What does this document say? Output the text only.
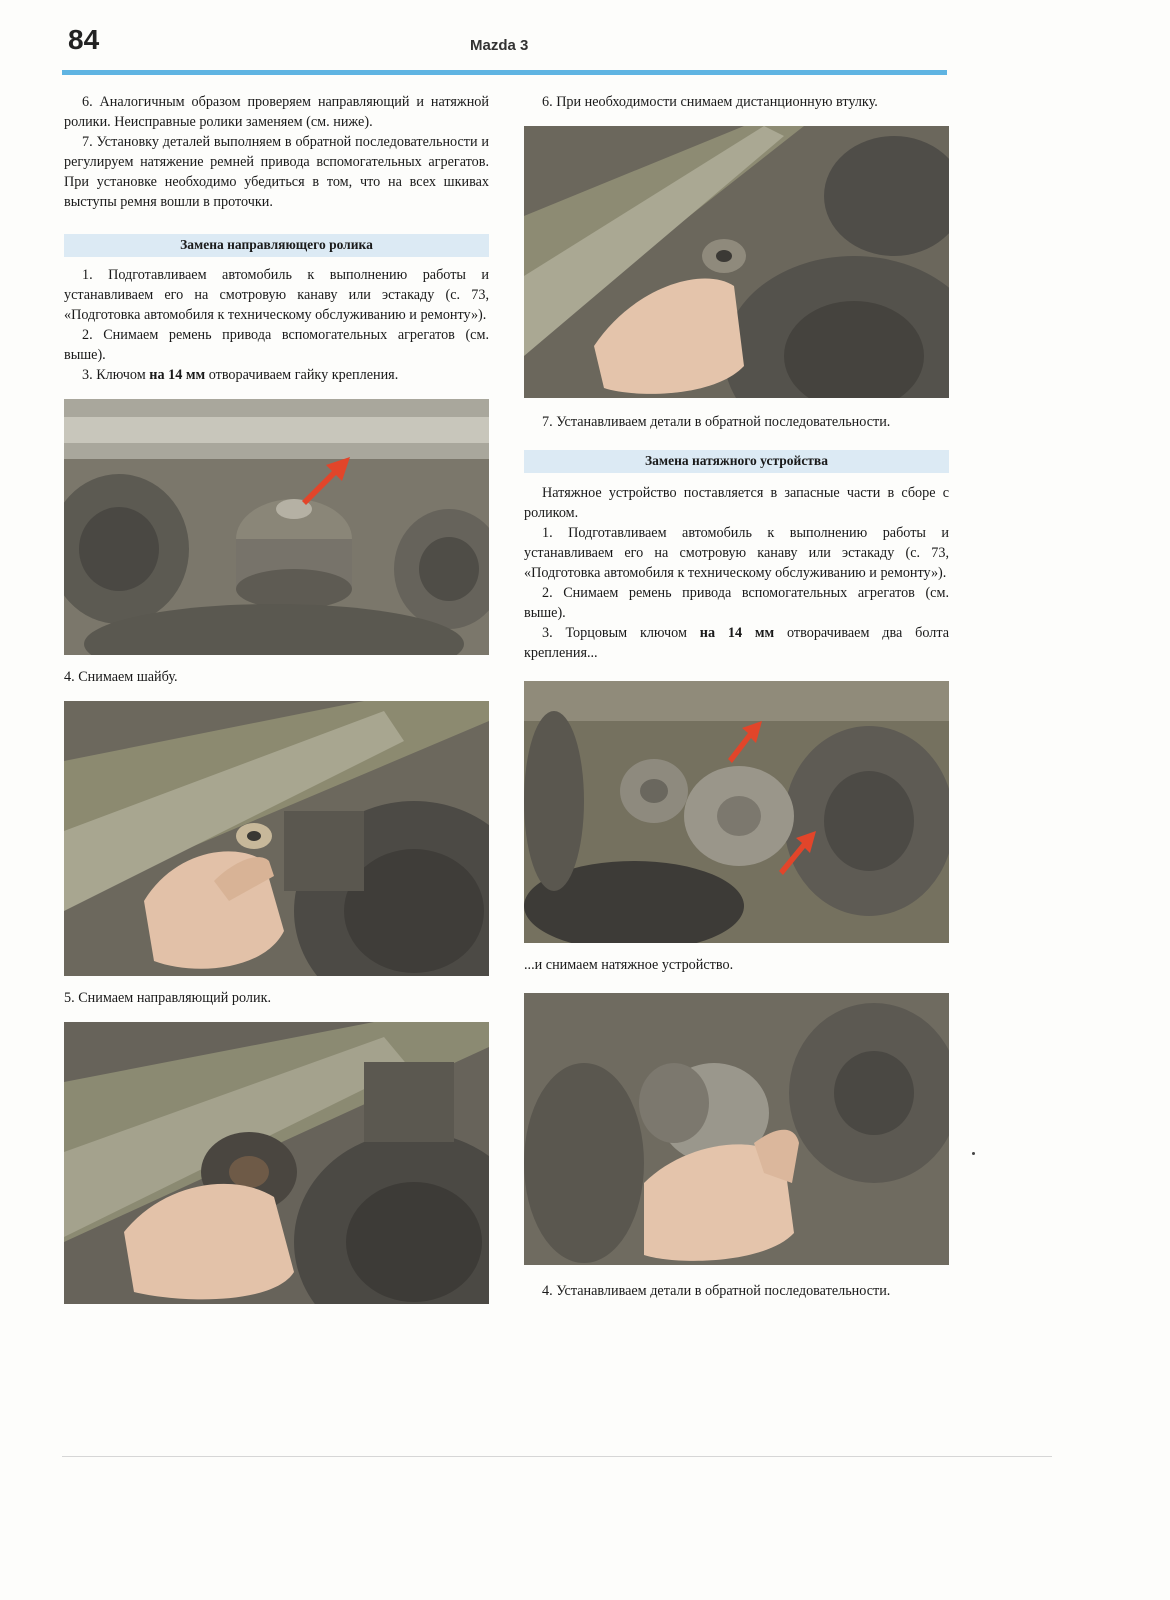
84	Mazda 3

6. Аналогичным образом проверяем направляющий и натяжной ролики. Неисправные ролики заменяем (см. ниже).

7. Установку деталей выполняем в обратной последовательности и регулируем натяжение ремней привода вспомогательных агрегатов. При установке необходимо убедиться в том, что на всех шкивах выступы ремня вошли в проточки.

Замена направляющего ролика

1. Подготавливаем автомобиль к выполнению работы и устанавливаем его на смотровую канаву или эстакаду (с. 73, «Подготовка автомобиля к техническому обслуживанию и ремонту»).

2. Снимаем ремень привода вспомогательных агрегатов (см. выше).

3. Ключом на 14 мм отворачиваем гайку крепления.

4. Снимаем шайбу.

5. Снимаем направляющий ролик.

6. При необходимости снимаем дистанционную втулку.

7. Устанавливаем детали в обратной последовательности.

Замена натяжного устройства

Натяжное устройство поставляется в запасные части в сборе с роликом.

1. Подготавливаем автомобиль к выполнению работы и устанавливаем его на смотровую канаву или эстакаду (с. 73, «Подготовка автомобиля к техническому обслуживанию и ремонту»).

2. Снимаем ремень привода вспомогательных агрегатов (см. выше).

3. Торцовым ключом на 14 мм отворачиваем два болта крепления...

...и снимаем натяжное устройство.

4. Устанавливаем детали в обратной последовательности.
